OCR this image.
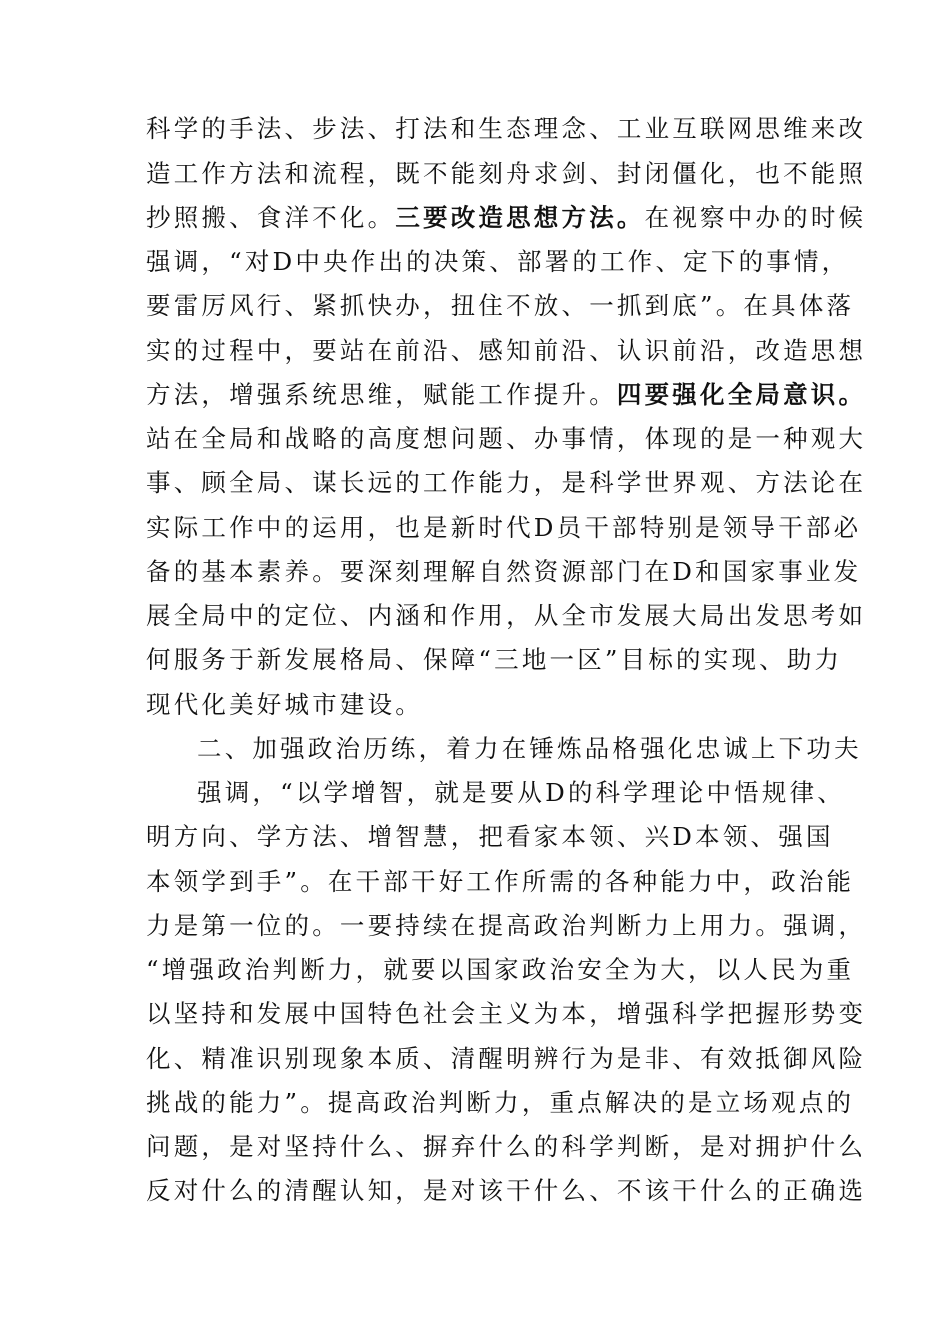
科学的手法、步法、打法和生态理念、工业互联网思维来改
造工作方法和流程，既不能刻舟求剑、封闭僵化，也不能照
抄照搬、食洋不化。三要改造思想方法。在视察中办的时候
强调，“对D中央作出的决策、部署的工作、定下的事情，
要雷厉风行、紧抓快办，扭住不放、一抓到底”。在具体落
实的过程中，要站在前沿、感知前沿、认识前沿，改造思想
方法，增强系统思维，赋能工作提升。四要强化全局意识。
站在全局和战略的高度想问题、办事情，体现的是一种观大
事、顾全局、谋长远的工作能力，是科学世界观、方法论在
实际工作中的运用，也是新时代D员干部特别是领导干部必
备的基本素养。要深刻理解自然资源部门在D和国家事业发
展全局中的定位、内涵和作用，从全市发展大局出发思考如
何服务于新发展格局、保障“三地一区”目标的实现、助力
现代化美好城市建设。
二、加强政治历练，着力在锤炼品格强化忠诚上下功夫
强调，“以学增智，就是要从D的科学理论中悟规律、
明方向、学方法、增智慧，把看家本领、兴D本领、强国
本领学到手”。在干部干好工作所需的各种能力中，政治能
力是第一位的。一要持续在提高政治判断力上用力。强调，
“增强政治判断力，就要以国家政治安全为大，以人民为重
以坚持和发展中国特色社会主义为本，增强科学把握形势变
化、精准识别现象本质、清醒明辨行为是非、有效抵御风险
挑战的能力”。提高政治判断力，重点解决的是立场观点的
问题，是对坚持什么、摒弃什么的科学判断，是对拥护什么
反对什么的清醒认知，是对该干什么、不该干什么的正确选
